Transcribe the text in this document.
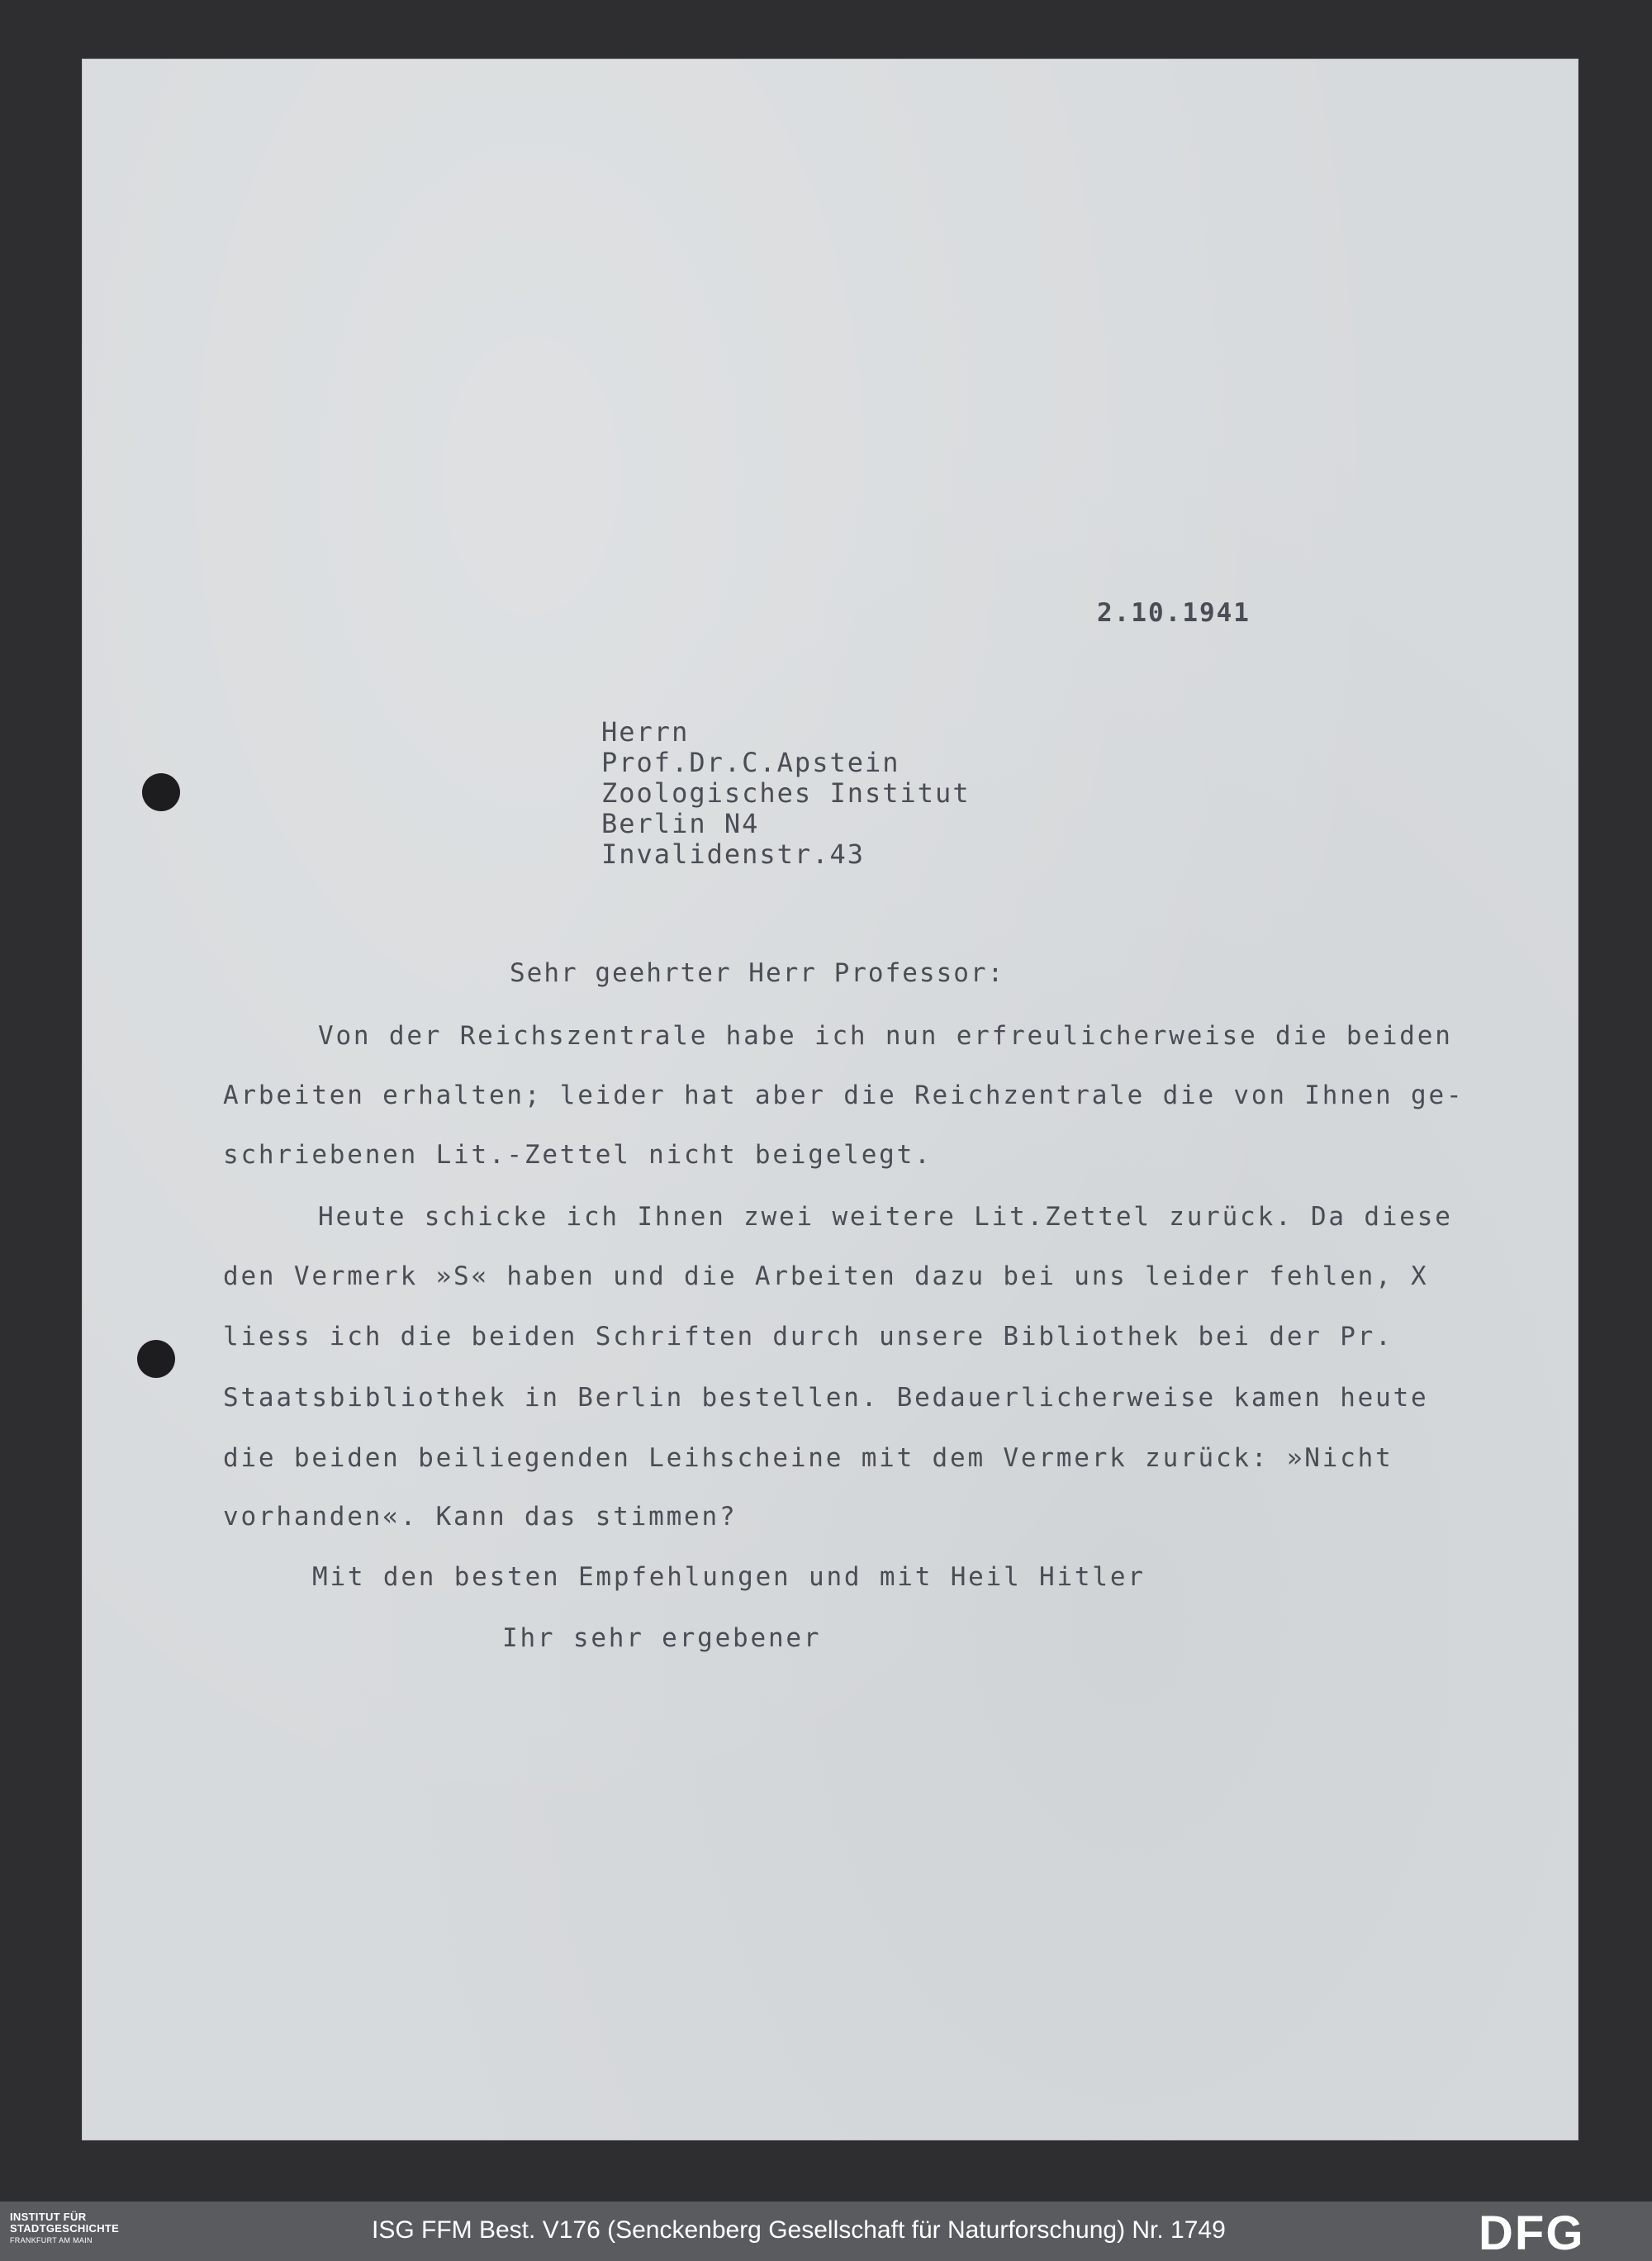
2.10.1941
Herrn
Prof.Dr.C.Apstein
Zoologisches Institut
Berlin N4
Invalidenstr.43
Sehr geehrter Herr Professor:
Von der Reichszentrale habe ich nun erfreulicherweise die beiden
Arbeiten erhalten; leider hat aber die Reichzentrale die von Ihnen ge-
schriebenen Lit.-Zettel nicht beigelegt.
Heute schicke ich Ihnen zwei weitere Lit.Zettel zurück. Da diese
den Vermerk »S« haben und die Arbeiten dazu bei uns leider fehlen, X
liess ich die beiden Schriften durch unsere Bibliothek bei der Pr.
Staatsbibliothek in Berlin bestellen. Bedauerlicherweise kamen heute
die beiden beiliegenden Leihscheine mit dem Vermerk zurück: »Nicht
vorhanden«. Kann das stimmen?
Mit den besten Empfehlungen und mit Heil Hitler
Ihr sehr ergebener
INSTITUT FÜR
STADTGESCHICHTE
FRANKFURT AM MAIN	ISG FFM Best. V176 (Senckenberg Gesellschaft für Naturforschung) Nr. 1749	DFG
